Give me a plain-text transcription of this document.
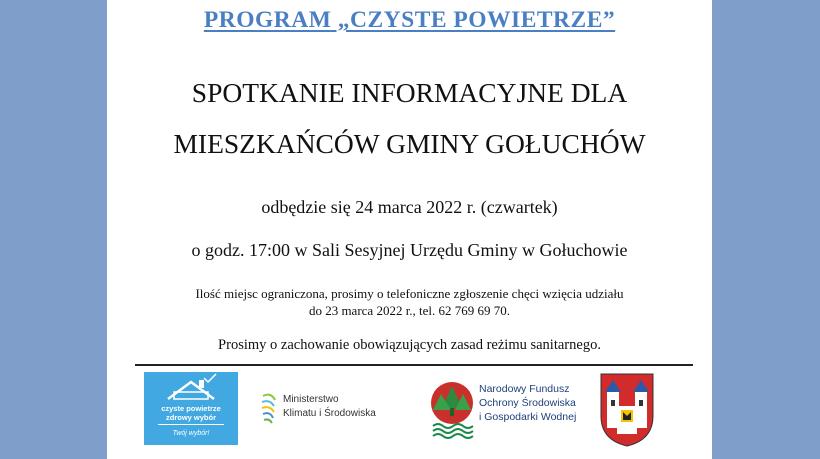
PROGRAM „CZYSTE POWIETRZE”
SPOTKANIE INFORMACYJNE DLA
MIESZKAŃCÓW GMINY GOŁUCHÓW
odbędzie się 24 marca 2022 r. (czwartek)
o godz. 17:00 w Sali Sesyjnej Urzędu Gminy w Gołuchowie
Ilość miejsc ograniczona, prosimy o telefoniczne zgłoszenie chęci wzięcia udziału
do 23 marca 2022 r., tel. 62 769 69 70.
Prosimy o zachowanie obowiązujących zasad reżimu sanitarnego.
czyste powietrze
zdrowy wybór
Twój wybór!
Ministerstwo
Klimatu i Środowiska
Narodowy Fundusz
Ochrony Środowiska
i Gospodarki Wodnej
